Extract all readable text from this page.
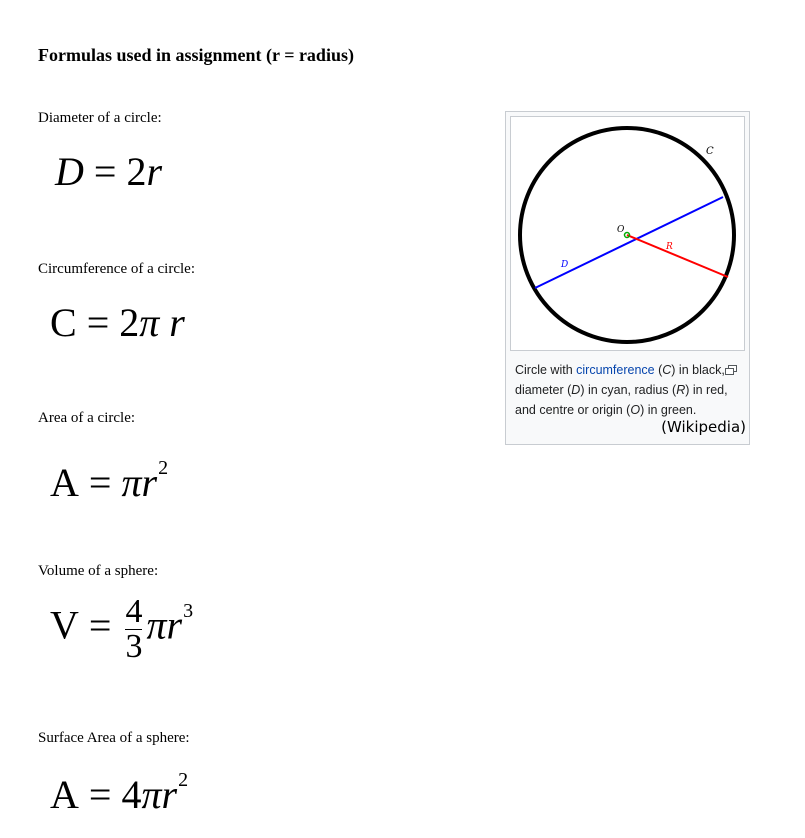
Formulas used in assignment (r = radius)
Diameter of a circle:
D = 2r
Circumference of a circle:
C = 2π r
Area of a circle:
$A = \pi r^2$
Volume of a sphere:
$V = \frac{4}{3} \pi r^3$
Surface Area of a sphere:
$A = 4\pi r^2$
C
O
R
D
Circle with circumference (C) in black, diameter (D) in cyan, radius (R) in red, and centre or origin (O) in green.
(Wikipedia)
